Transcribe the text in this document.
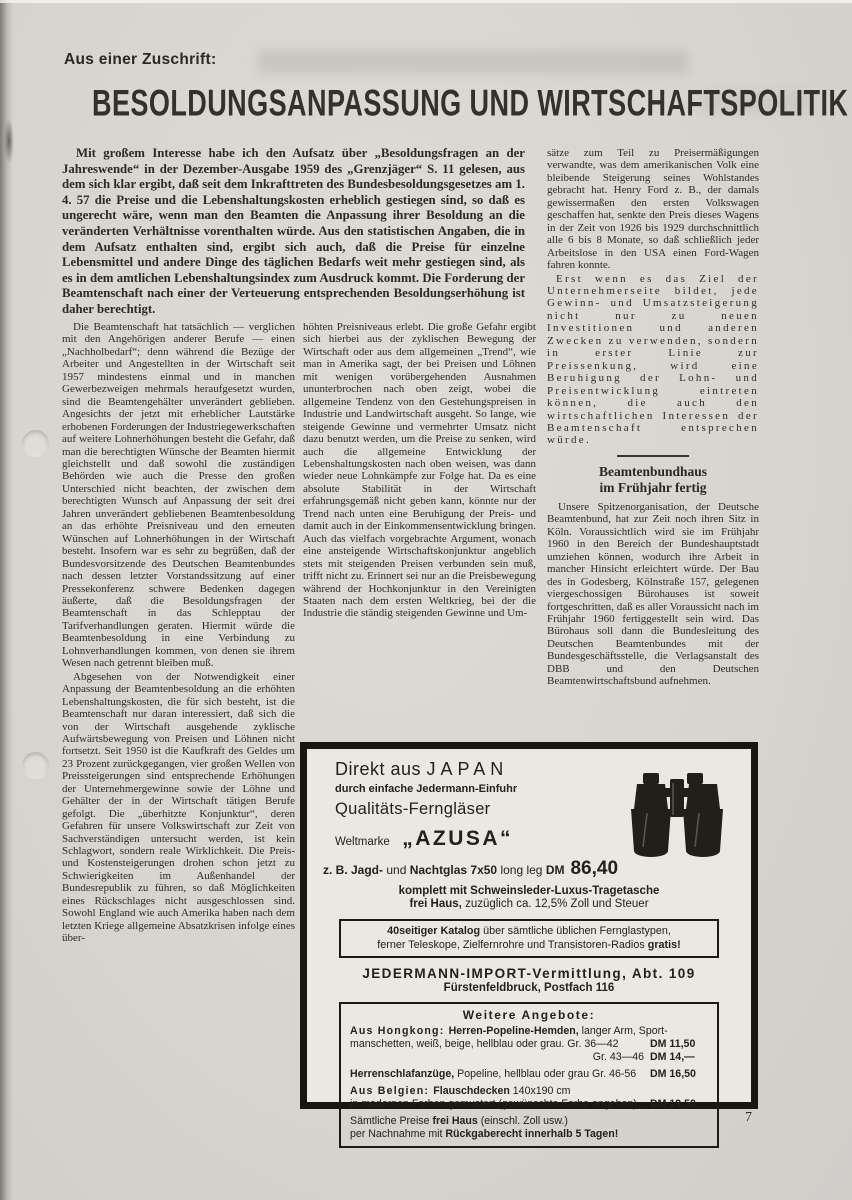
Aus einer Zuschrift:
BESOLDUNGSANPASSUNG UND WIRTSCHAFTSPOLITIK
Mit großem Interesse habe ich den Aufsatz über „Besoldungsfragen an der Jahreswende“ in der Dezember-Ausgabe 1959 des „Grenzjäger“ S. 11 gelesen, aus dem sich klar ergibt, daß seit dem Inkrafttreten des Bundesbesoldungsgesetzes am 1. 4. 57 die Preise und die Lebenshaltungskosten erheblich gestiegen sind, so daß es ungerecht wäre, wenn man den Beamten die Anpassung ihrer Besoldung an die veränderten Verhältnisse vorenthalten würde. Aus den statistischen Angaben, die in dem Aufsatz enthalten sind, ergibt sich auch, daß die Preise für einzelne Lebensmittel und andere Dinge des täglichen Bedarfs weit mehr gestiegen sind, als es in dem amtlichen Lebenshaltungsindex zum Ausdruck kommt. Die Forderung der Beamtenschaft nach einer der Verteuerung entsprechenden Besoldungserhöhung ist daher berechtigt.

Die Beamtenschaft hat tatsächlich — verglichen mit den Angehörigen anderer Berufe — einen „Nachholbedarf“; denn während die Bezüge der Arbeiter und Angestellten in der Wirtschaft seit 1957 mindestens einmal und in manchen Gewerbezweigen mehrmals heraufgesetzt wurden, sind die Beamtengehälter unverändert geblieben. Angesichts der jetzt mit erheblicher Lautstärke erhobenen Forderungen der Industriegewerkschaften auf weitere Lohnerhöhungen besteht die Gefahr, daß man die berechtigten Wünsche der Beamten hiermit gleichstellt und daß sowohl die zuständigen Behörden wie auch die Presse den großen Unterschied nicht beachten, der zwischen dem berechtigten Wunsch auf Anpassung der seit drei Jahren unverändert gebliebenen Beamtenbesoldung an das erhöhte Preisniveau und den erneuten Wünschen auf Lohnerhöhungen in der Wirtschaft besteht. Insofern war es sehr zu begrüßen, daß der Bundesvorsitzende des Deutschen Beamtenbundes nach dessen letzter Vorstandssitzung auf einer Pressekonferenz schwere Bedenken dagegen äußerte, daß die Besoldungsfragen der Beamtenschaft in das Schlepptau der Tarifverhandlungen geraten. Hiermit würde die Beamtenbesoldung in eine Verbindung zu Lohnverhandlungen kommen, von denen sie ihrem Wesen nach getrennt bleiben muß.

Abgesehen von der Notwendigkeit einer Anpassung der Beamtenbesoldung an die erhöhten Lebenshaltungskosten, die für sich besteht, ist die Beamtenschaft nur daran interessiert, daß sich die von der Wirtschaft ausgehende zyklische Aufwärtsbewegung von Preisen und Löhnen nicht fortsetzt. Seit 1950 ist die Kaufkraft des Geldes um 23 Prozent zurückgegangen, vier großen Wellen von Preissteigerungen sind entsprechende Erhöhungen der Unternehmergewinne sowie der Löhne und Gehälter der in der Wirtschaft tätigen Berufe gefolgt. Die „überhitzte Konjunktur“, deren Gefahren für unsere Volkswirtschaft zur Zeit von Sachverständigen untersucht werden, ist kein Schlagwort, sondern reale Wirklichkeit. Die Preis- und Kostensteigerungen drohen schon jetzt zu Schwierigkeiten im Außenhandel der Bundesrepublik zu führen, so daß Möglichkeiten eines Rückschlages nicht ausgeschlossen sind. Sowohl England wie auch Amerika haben nach dem letzten Kriege allgemeine Absatzkrisen infolge eines über-

höhten Preisniveaus erlebt. Die große Gefahr ergibt sich hierbei aus der zyklischen Bewegung der Wirtschaft oder aus dem allgemeinen „Trend“, wie man in Amerika sagt, der bei Preisen und Löhnen mit wenigen vorübergehenden Ausnahmen ununterbrochen nach oben zeigt, wobei die allgemeine Tendenz von den Gestehungspreisen in Industrie und Landwirtschaft ausgeht. So lange, wie steigende Gewinne und vermehrter Umsatz nicht dazu benutzt werden, um die Preise zu senken, wird auch die allgemeine Entwicklung der Lebenshaltungskosten nach oben weisen, was dann wieder neue Lohnkämpfe zur Folge hat. Da es eine absolute Stabilität in der Wirtschaft erfahrungsgemäß nicht geben kann, könnte nur der Trend nach unten eine Beruhigung der Preis- und damit auch in der Einkommensentwicklung bringen. Auch das vielfach vorgebrachte Argument, wonach eine ansteigende Wirtschaftskonjunktur angeblich stets mit steigenden Preisen verbunden sein muß, trifft nicht zu. Erinnert sei nur an die Preisbewegung während der Hochkonjunktur in den Vereinigten Staaten nach dem ersten Weltkrieg, bei der die Industrie die ständig steigenden Gewinne und Um-

sätze zum Teil zu Preisermäßigungen verwandte, was dem amerikanischen Volk eine bleibende Steigerung seines Wohlstandes gebracht hat. Henry Ford z. B., der damals gewissermaßen den ersten Volkswagen geschaffen hat, senkte den Preis dieses Wagens in der Zeit von 1926 bis 1929 durchschnittlich alle 6 bis 8 Monate, so daß schließlich jeder Arbeitslose in den USA einen Ford-Wagen fahren konnte.

Erst wenn es das Ziel der Unternehmerseite bildet, jede Gewinn- und Umsatzsteigerung nicht nur zu neuen Investitionen und anderen Zwecken zu verwenden, sondern in erster Linie zur Preissenkung, wird eine Beruhigung der Lohn- und Preisentwicklung eintreten können, die auch den wirtschaftlichen Interessen der Beamtenschaft entsprechen würde.

Beamtenbundhaus
im Frühjahr fertig

Unsere Spitzenorganisation, der Deutsche Beamtenbund, hat zur Zeit noch ihren Sitz in Köln. Voraussichtlich wird sie im Frühjahr 1960 in den Bereich der Bundeshauptstadt umziehen können, wodurch ihre Arbeit in mancher Hinsicht erleichtert würde. Der Bau des in Godesberg, Kölnstraße 157, gelegenen viergeschossigen Bürohauses ist soweit fortgeschritten, daß es aller Voraussicht nach im Frühjahr 1960 fertiggestellt sein wird. Das Bürohaus soll dann die Bundesleitung des Deutschen Beamtenbundes mit der Bundesgeschäftsstelle, die Verlagsanstalt des DBB und den Deutschen Beamtenwirtschaftsbund aufnehmen.

Direkt aus JAPAN
durch einfache Jedermann-Einfuhr
Qualitäts-Ferngläser
Weltmarke „AZUSA“
z. B. Jagd- und Nachtglas 7x50 long leg DM 86,40
komplett mit Schweinsleder-Luxus-Tragetasche
frei Haus, zuzüglich ca. 12,5% Zoll und Steuer
40seitiger Katalog über sämtliche üblichen Fernglastypen,
ferner Teleskope, Zielfernrohre und Transistoren-Radios gratis!
JEDERMANN-IMPORT-Vermittlung, Abt. 109
Fürstenfeldbruck, Postfach 116
Weitere Angebote:
Aus Hongkong: Herren-Popeline-Hemden, langer Arm, Sport-
manschetten, weiß, beige, hellblau oder grau. Gr. 36—42	DM 11,50
Gr. 43—46 DM 14,—
Herrenschlafanzüge, Popeline, hellblau oder grau Gr. 46-56 DM 16,50
Aus Belgien: Flauschdecken 140x190 cm
in modernen Farben gemustert (gewünschte Farbe angeben) DM 19,50
Sämtliche Preise frei Haus (einschl. Zoll usw.)
per Nachnahme mit Rückgaberecht innerhalb 5 Tagen!
7
